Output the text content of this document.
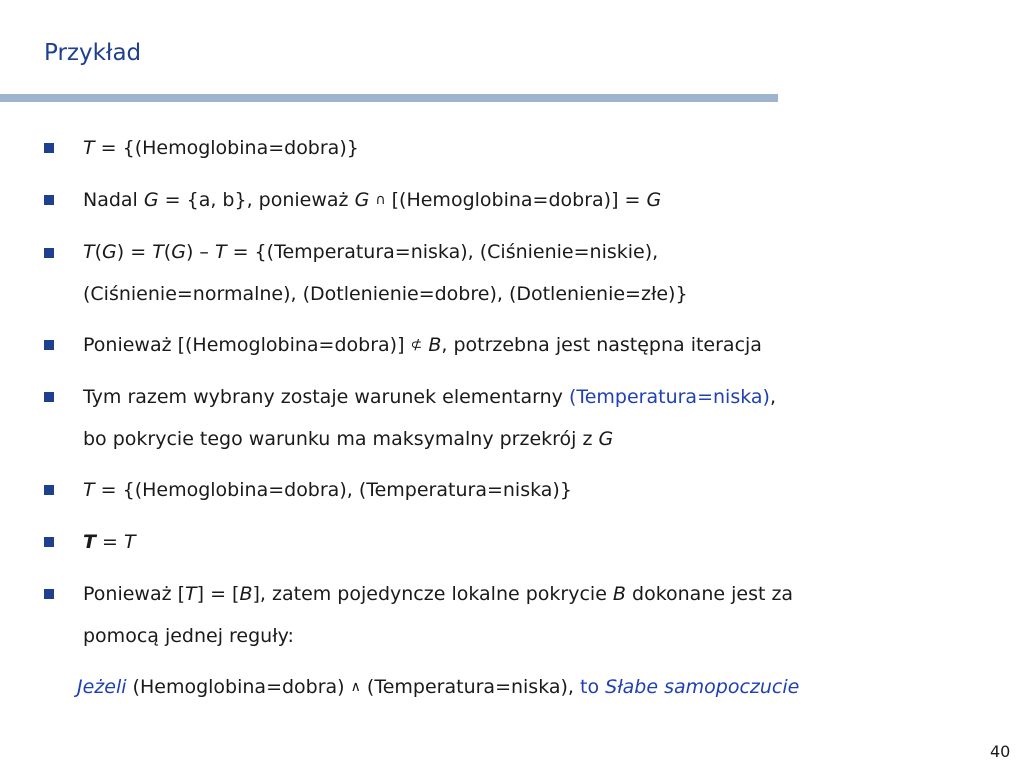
Przykład
T = {(Hemoglobina=dobra)}
Nadal G = {a, b}, ponieważ G ∩ [(Hemoglobina=dobra)] = G
T(G) = T(G) – T = {(Temperatura=niska), (Ciśnienie=niskie),
(Ciśnienie=normalne), (Dotlenienie=dobre), (Dotlenienie=złe)}
Ponieważ [(Hemoglobina=dobra)] ⊄ B, potrzebna jest następna iteracja
Tym razem wybrany zostaje warunek elementarny (Temperatura=niska),
bo pokrycie tego warunku ma maksymalny przekrój z G
T = {(Hemoglobina=dobra), (Temperatura=niska)}
T = T
Ponieważ [T] = [B], zatem pojedyncze lokalne pokrycie B dokonane jest za
pomocą jednej reguły:
Jeżeli (Hemoglobina=dobra) ∧ (Temperatura=niska), to Słabe samopoczucie
40
